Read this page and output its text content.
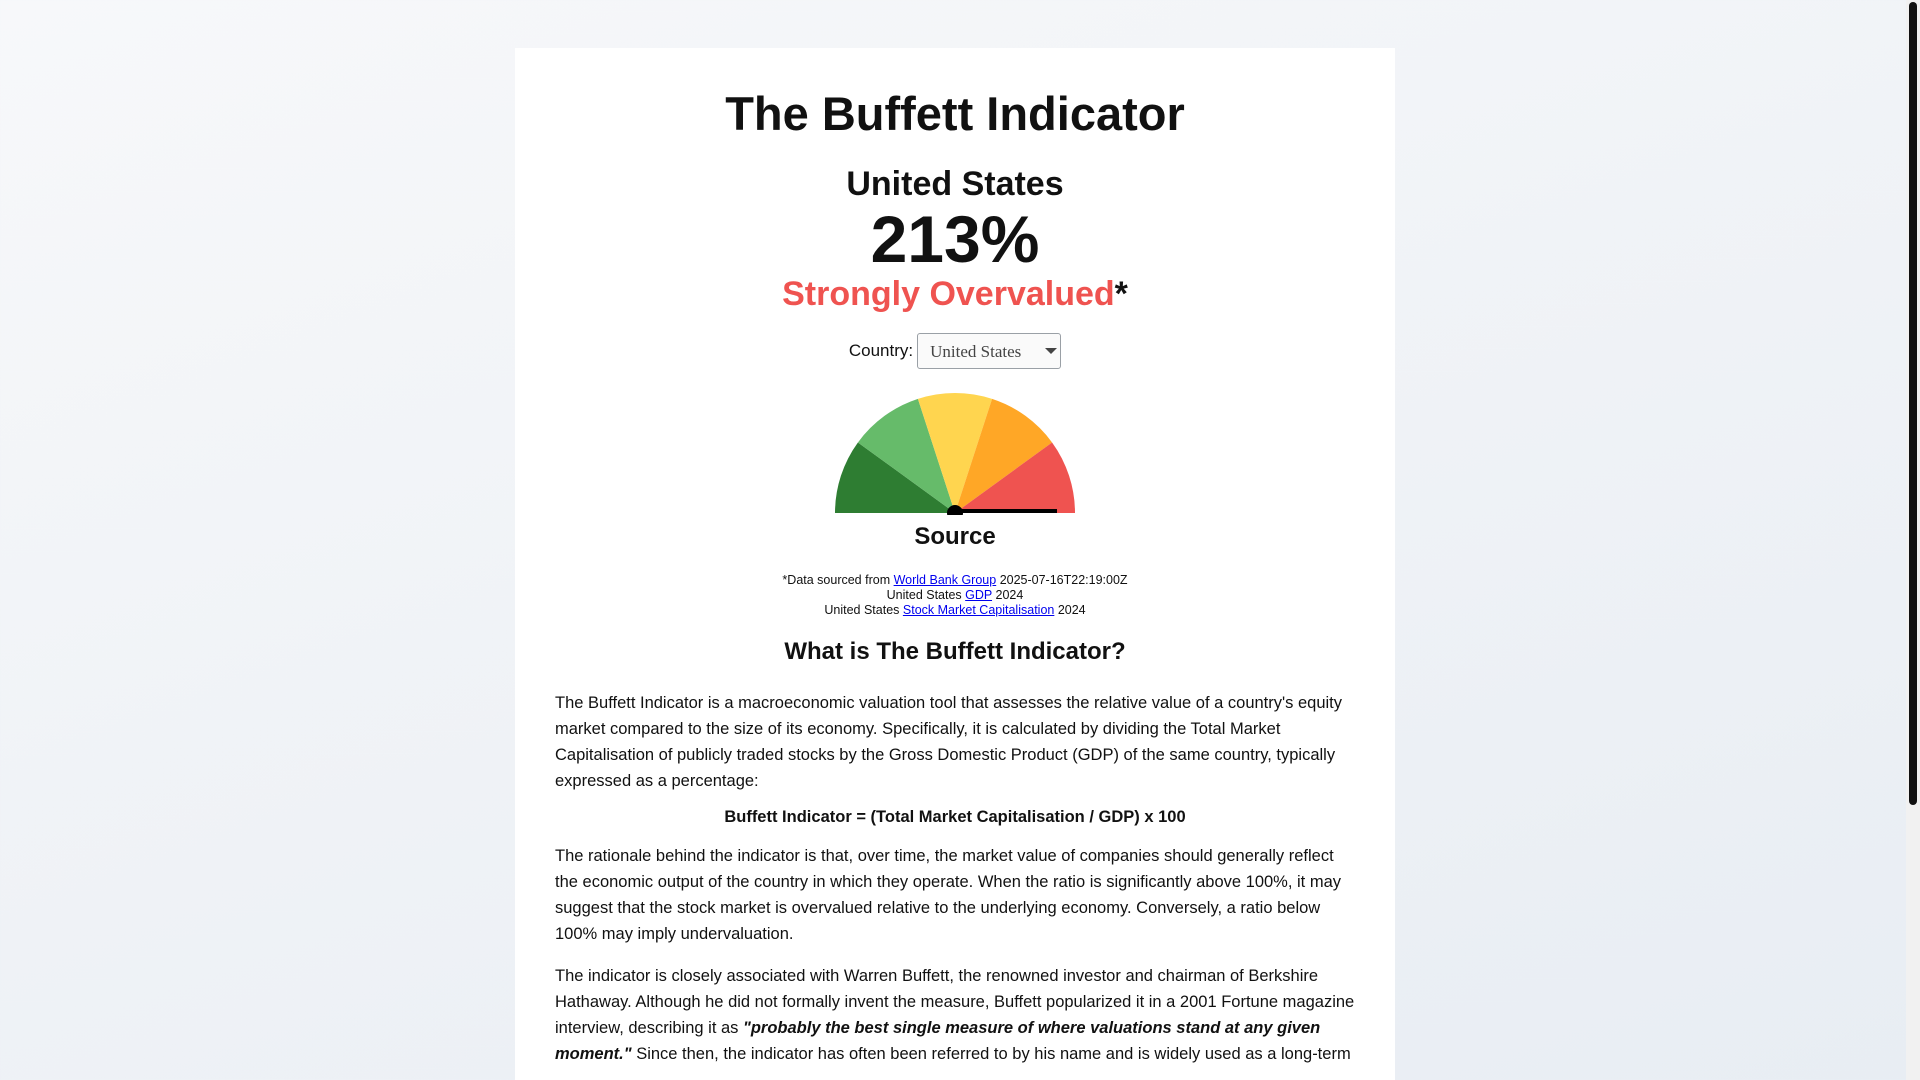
The Buffett Indicator
United States
213%
Strongly Overvalued*
Country:	United States
Source
*Data sourced from World Bank Group 2025-07-16T22:19:00Z
United States GDP 2024
United States Stock Market Capitalisation 2024
What is The Buffett Indicator?

The Buffett Indicator is a macroeconomic valuation tool that assesses the relative value of a country's equity market compared to the size of its economy. Specifically, it is calculated by dividing the Total Market Capitalisation of publicly traded stocks by the Gross Domestic Product (GDP) of the same country, typically expressed as a percentage:

Buffett Indicator = (Total Market Capitalisation / GDP) x 100

The rationale behind the indicator is that, over time, the market value of companies should generally reflect the economic output of the country in which they operate. When the ratio is significantly above 100%, it may suggest that the stock market is overvalued relative to the underlying economy. Conversely, a ratio below 100% may imply undervaluation.

The indicator is closely associated with Warren Buffett, the renowned investor and chairman of Berkshire Hathaway. Although he did not formally invent the measure, Buffett popularized it in a 2001 Fortune magazine interview, describing it as "probably the best single measure of where valuations stand at any given moment." Since then, the indicator has often been referred to by his name and is widely used as a long-term
